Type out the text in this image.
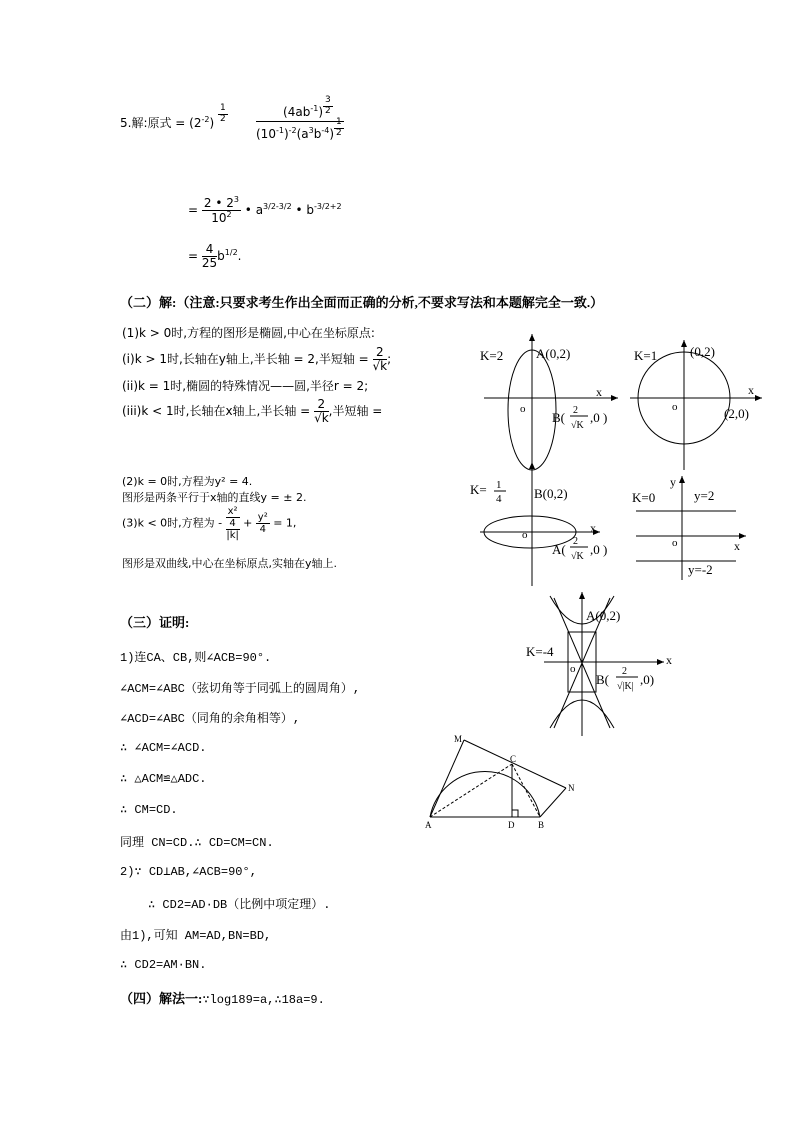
5.解:原式 = $(2^{-2}) \frac{1}{2} \frac{(4ab^{-1}) \frac{3}{2}}{(10^{-1})^{-2}(a^3b^{-4}) \frac{1}{2}}$
= $\frac{2 • 2^3}{10^2}$ • $a^{3/2-3/2}$ • $b^{-3/2+2}$
= $\frac{4}{25} b^{1/2}$.
（二）解:（注意:只要求考生作出全面而正确的分析,不要求写法和本题解完全一致.）
(1)k > 0时,方程的图形是椭圆,中心在坐标原点:
(i)k > 1时,长轴在y轴上,半长轴 = 2,半短轴 = $\frac{2}{√k}$ ;
(ii)k = 1时,椭圆的特殊情况——圆,半径r = 2;
(iii)k < 1时,长轴在x轴上,半长轴 = $\frac{2}{√k}$ ,半短轴 =
(2)k = 0时,方程为y² = 4.
图形是两条平行于x轴的直线y = ± 2.
(3)k < 0时,方程为 -
x²
4
|k|
+ $\frac{\text{y²}}{4} = 1$,
图形是双曲线,中心在坐标原点,实轴在y轴上.
K=2	A(0,2)
x
o
B( 2
√K
,0 )
K=1	(0,2)
x
o	(2,0)
K= 1
4	B(0,2)
x
o
A(
2
√K ,0 )
K=0
y
y=2
x
o
y=-2
K=-4
A(0,2)
x
o
B(
2
√|K| ,0)
M
C
N
A	D	B
（三）证明:
1)连CA、CB,则∠ACB=90°.
∠ACM=∠ABC（弦切角等于同弧上的圆周角）,
∠ACD=∠ABC（同角的余角相等）,
∴ ∠ACM=∠ACD.
∴ △ACM≌△ADC.
∴ CM=CD.
同理 CN=CD.∴ CD=CM=CN.
2)∵ CD⊥AB,∠ACB=90°,
∴ CD2=AD·DB（比例中项定理）.
由1),可知 AM=AD,BN=BD,
∴ CD2=AM·BN.
（四）解法一:∵log189=a,∴18a=9.
